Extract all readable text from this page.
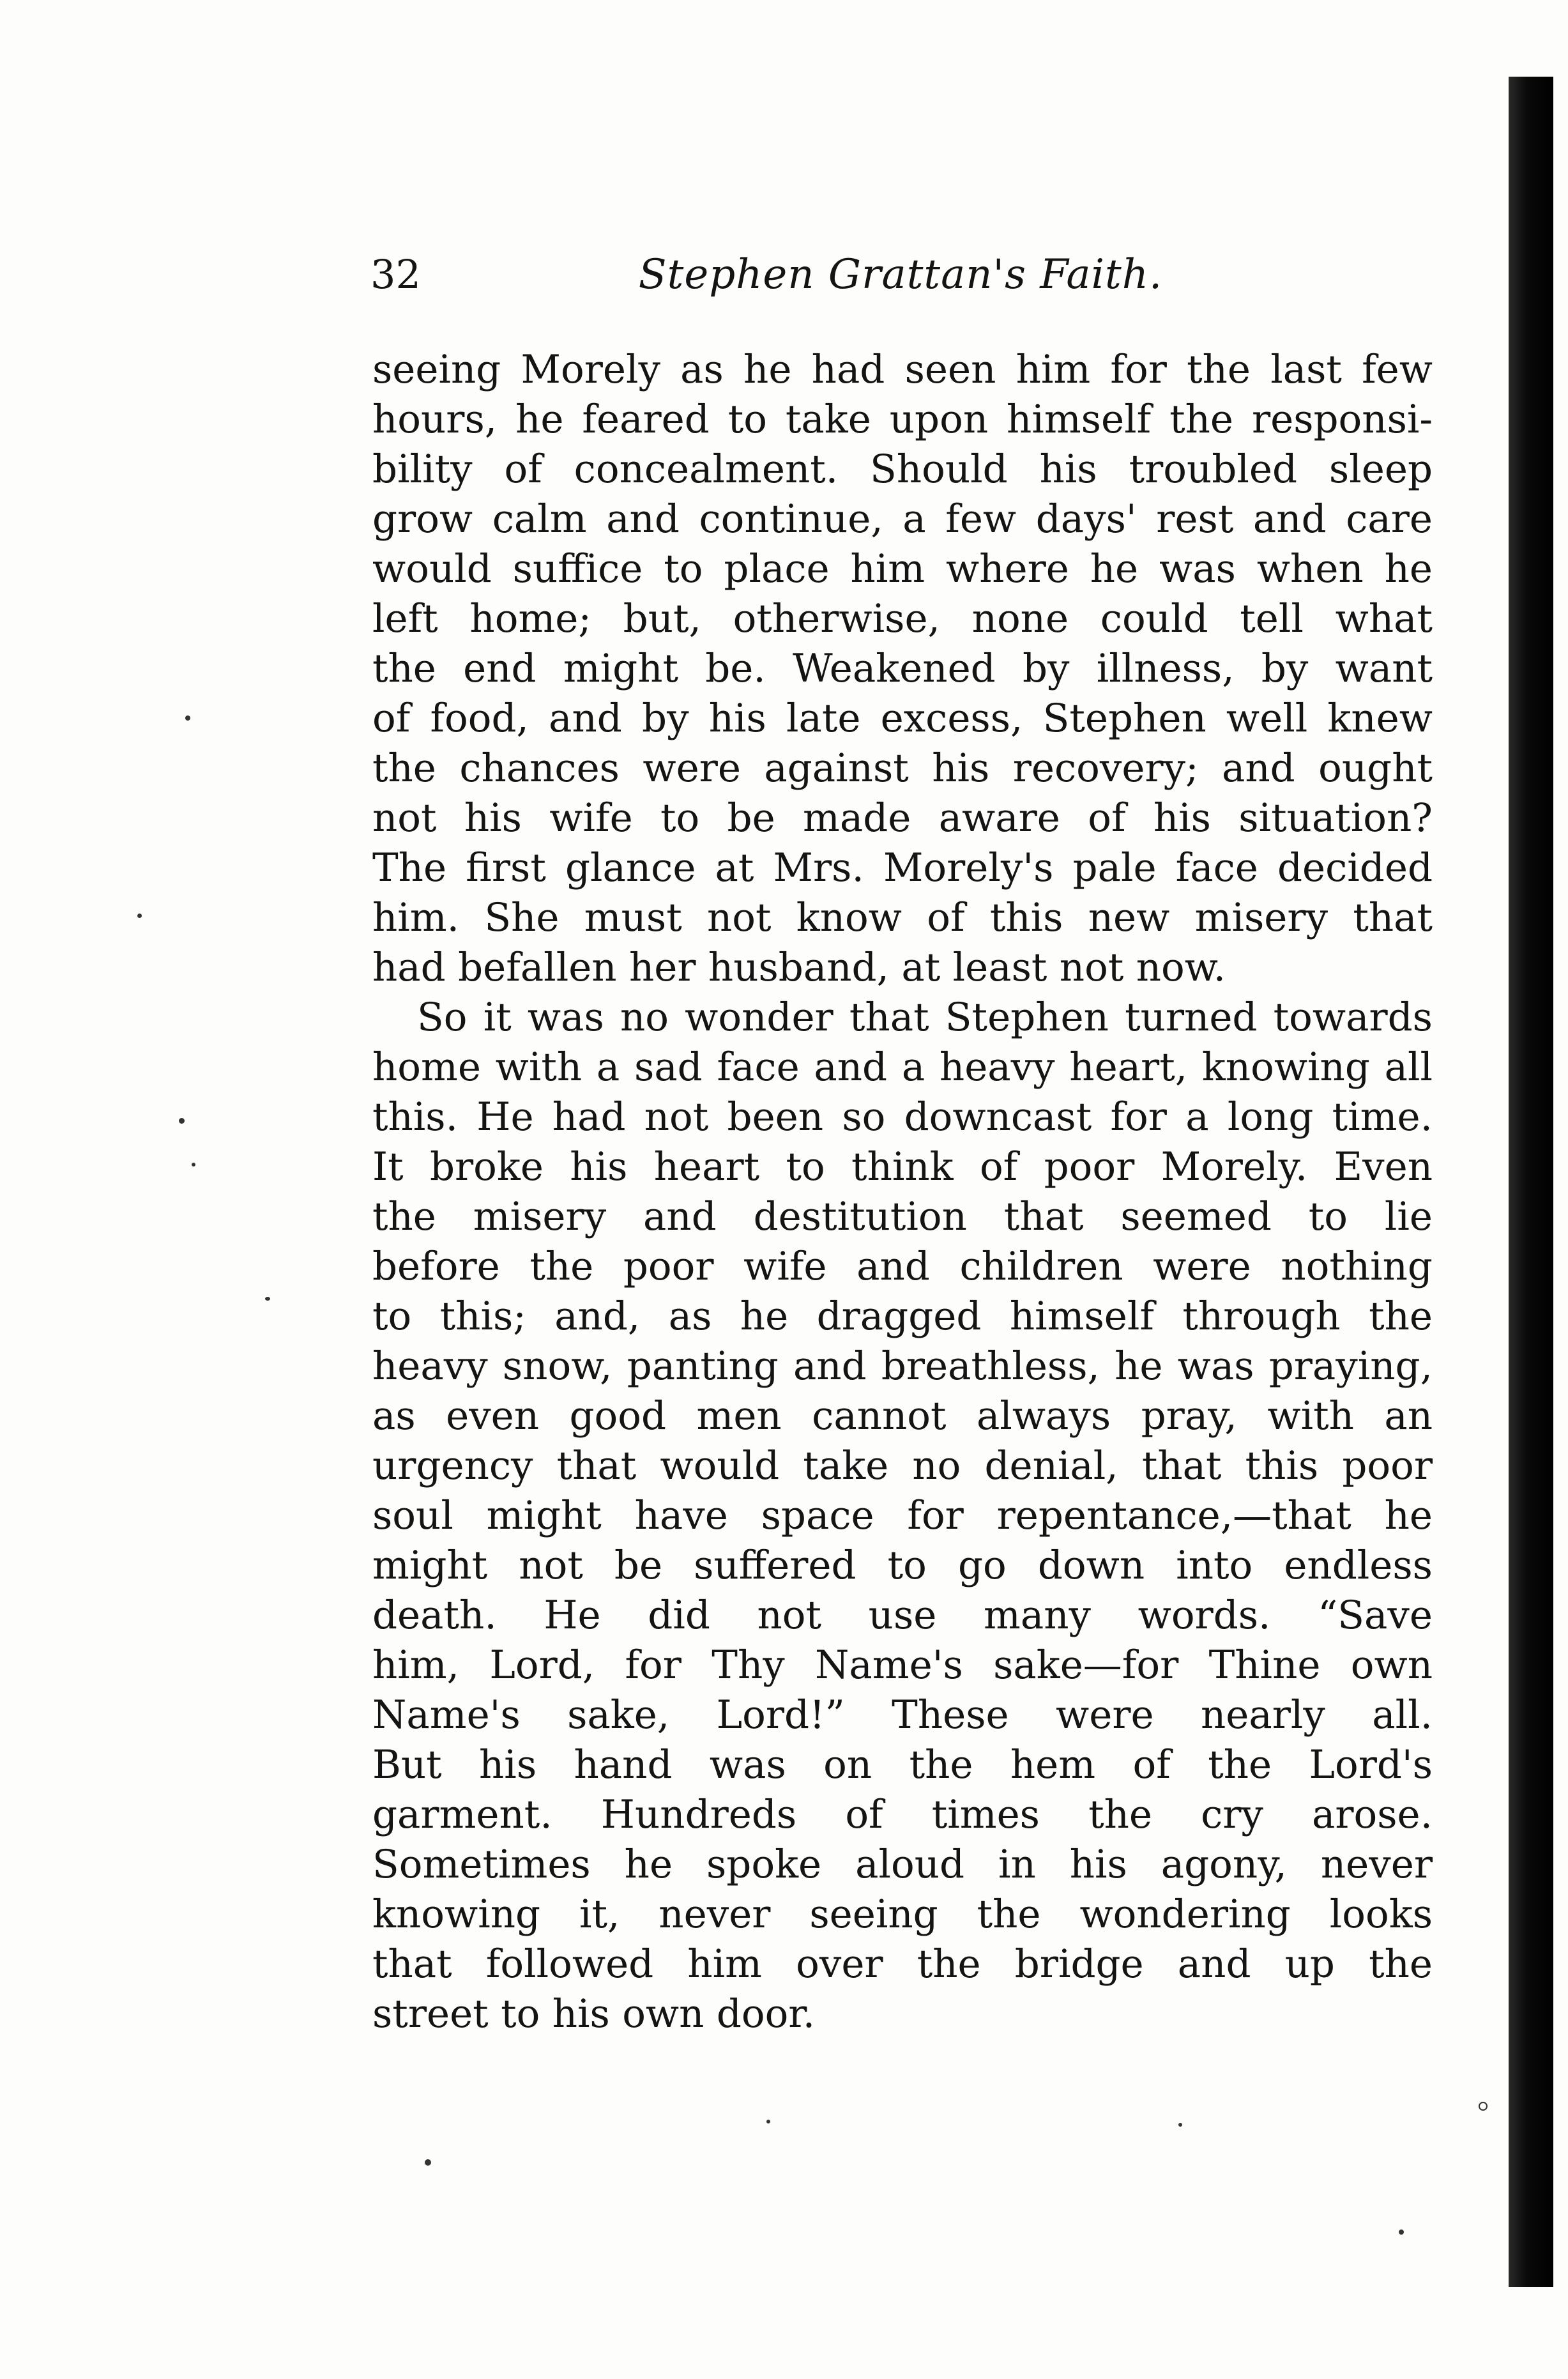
32	Stephen Grattan's Faith.
seeing Morely as he had seen him for the last few
hours, he feared to take upon himself the responsi-
bility of concealment. Should his troubled sleep
grow calm and continue, a few days' rest and care
would suffice to place him where he was when he
left home; but, otherwise, none could tell what
the end might be. Weakened by illness, by want
of food, and by his late excess, Stephen well knew
the chances were against his recovery; and ought
not his wife to be made aware of his situation?
The first glance at Mrs. Morely's pale face decided
him. She must not know of this new misery that
had befallen her husband, at least not now.
So it was no wonder that Stephen turned towards
home with a sad face and a heavy heart, knowing all
this. He had not been so downcast for a long time.
It broke his heart to think of poor Morely. Even
the misery and destitution that seemed to lie
before the poor wife and children were nothing
to this; and, as he dragged himself through the
heavy snow, panting and breathless, he was praying,
as even good men cannot always pray, with an
urgency that would take no denial, that this poor
soul might have space for repentance,—that he
might not be suffered to go down into endless
death. He did not use many words. “Save
him, Lord, for Thy Name's sake—for Thine own
Name's sake, Lord!” These were nearly all.
But his hand was on the hem of the Lord's
garment. Hundreds of times the cry arose.
Sometimes he spoke aloud in his agony, never
knowing it, never seeing the wondering looks
that followed him over the bridge and up the
street to his own door.
